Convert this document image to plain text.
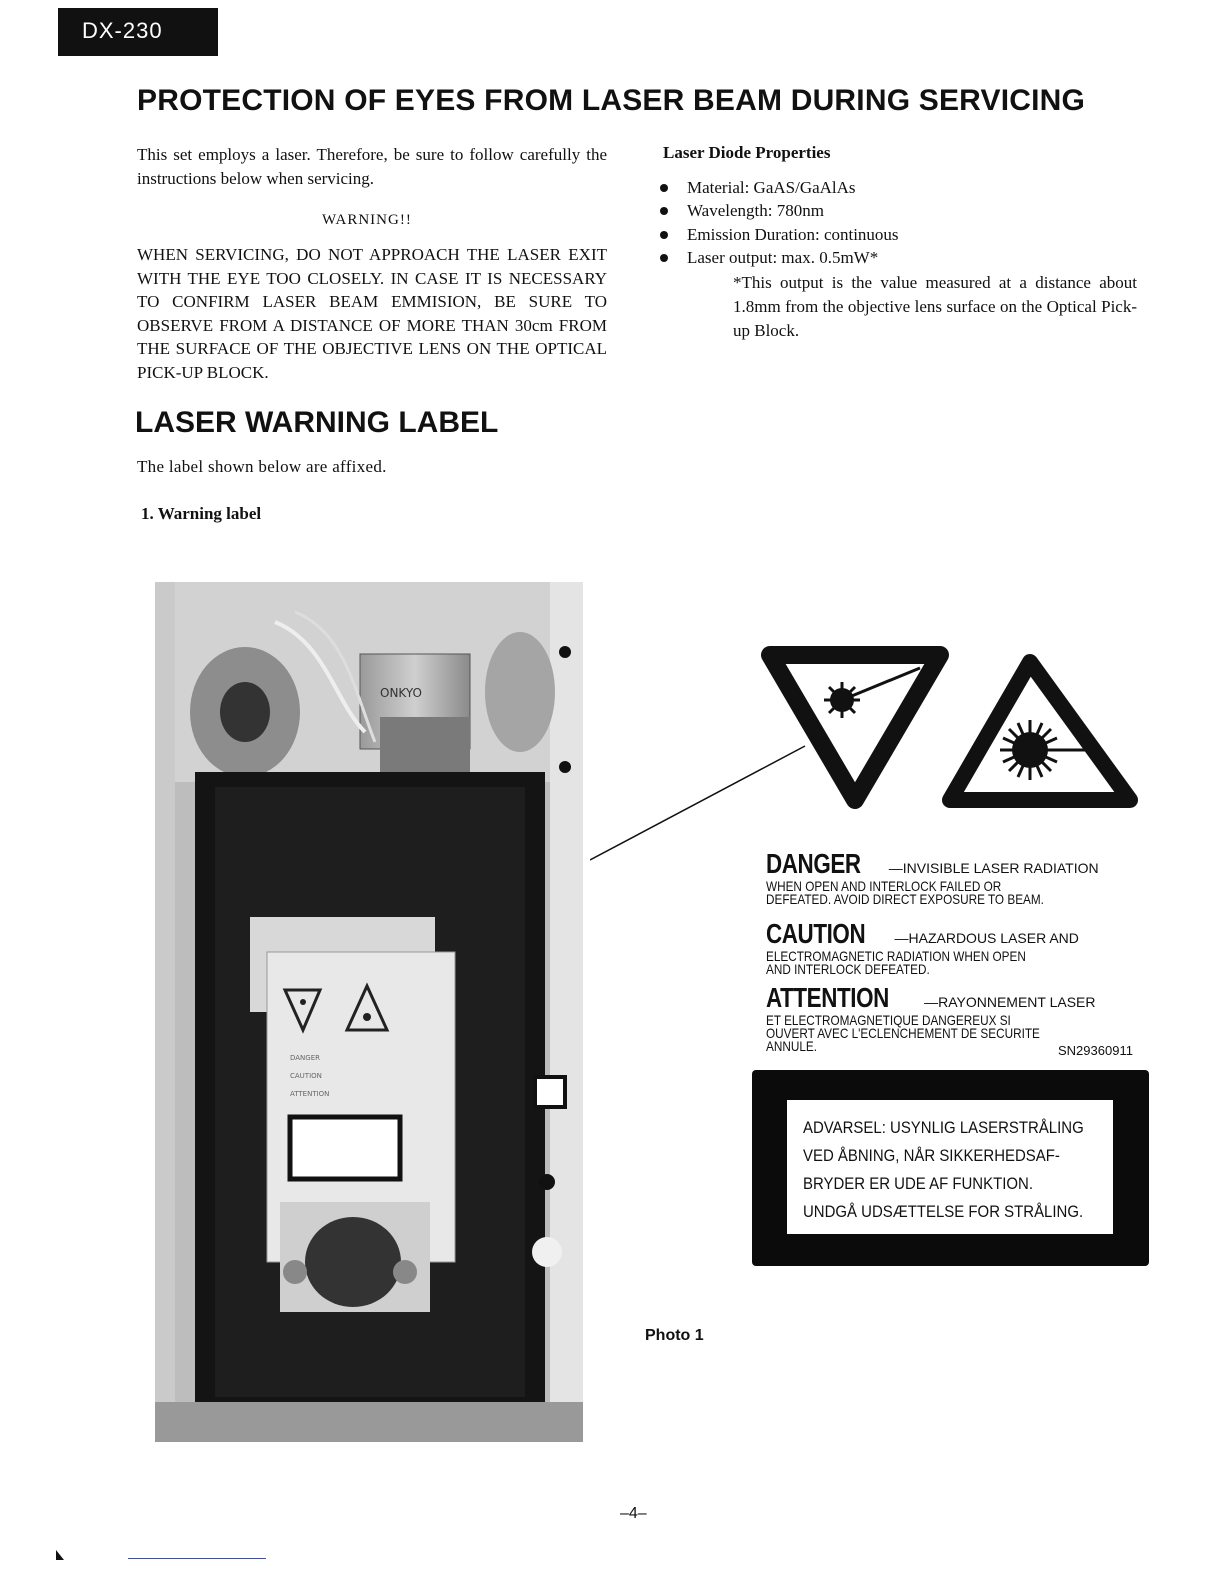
DX-230
PROTECTION OF EYES FROM LASER BEAM DURING SERVICING

This set employs a laser. Therefore, be sure to follow carefully the instructions below when servicing.

WARNING!!

WHEN SERVICING, DO NOT APPROACH THE LASER EXIT WITH THE EYE TOO CLOSELY. IN CASE IT IS NECESSARY TO CONFIRM LASER BEAM EMMISION, BE SURE TO OBSERVE FROM A DISTANCE OF MORE THAN 30cm FROM THE SURFACE OF THE OBJECTIVE LENS ON THE OPTICAL PICK-UP BLOCK.

Laser Diode Properties
Material: GaAS/GaAlAs
Wavelength: 780nm
Emission Duration: continuous
Laser output: max. 0.5mW*

*This output is the value measured at a distance about 1.8mm from the objective lens surface on the Optical Pick-up Block.

LASER WARNING LABEL
The label shown below are affixed.
1. Warning label
ONKYO
DANGER
CAUTION
ATTENTION
DANGER —INVISIBLE LASER RADIATION
WHEN OPEN AND INTERLOCK FAILED OR
DEFEATED. AVOID DIRECT EXPOSURE TO BEAM.
CAUTION —HAZARDOUS LASER AND
ELECTROMAGNETIC RADIATION WHEN OPEN
AND INTERLOCK DEFEATED.
ATTENTION	—RAYONNEMENT LASER
ET ELECTROMAGNETIQUE DANGEREUX SI
OUVERT AVEC L'ECLENCHEMENT DE SECURITE
ANNULE.	SN29360911
ADVARSEL: USYNLIG LASERSTRÅLING
VED ÅBNING, NÅR SIKKERHEDSAF-
BRYDER ER UDE AF FUNKTION.
UNDGÅ UDSÆTTELSE FOR STRÅLING.
Photo 1
–4–
